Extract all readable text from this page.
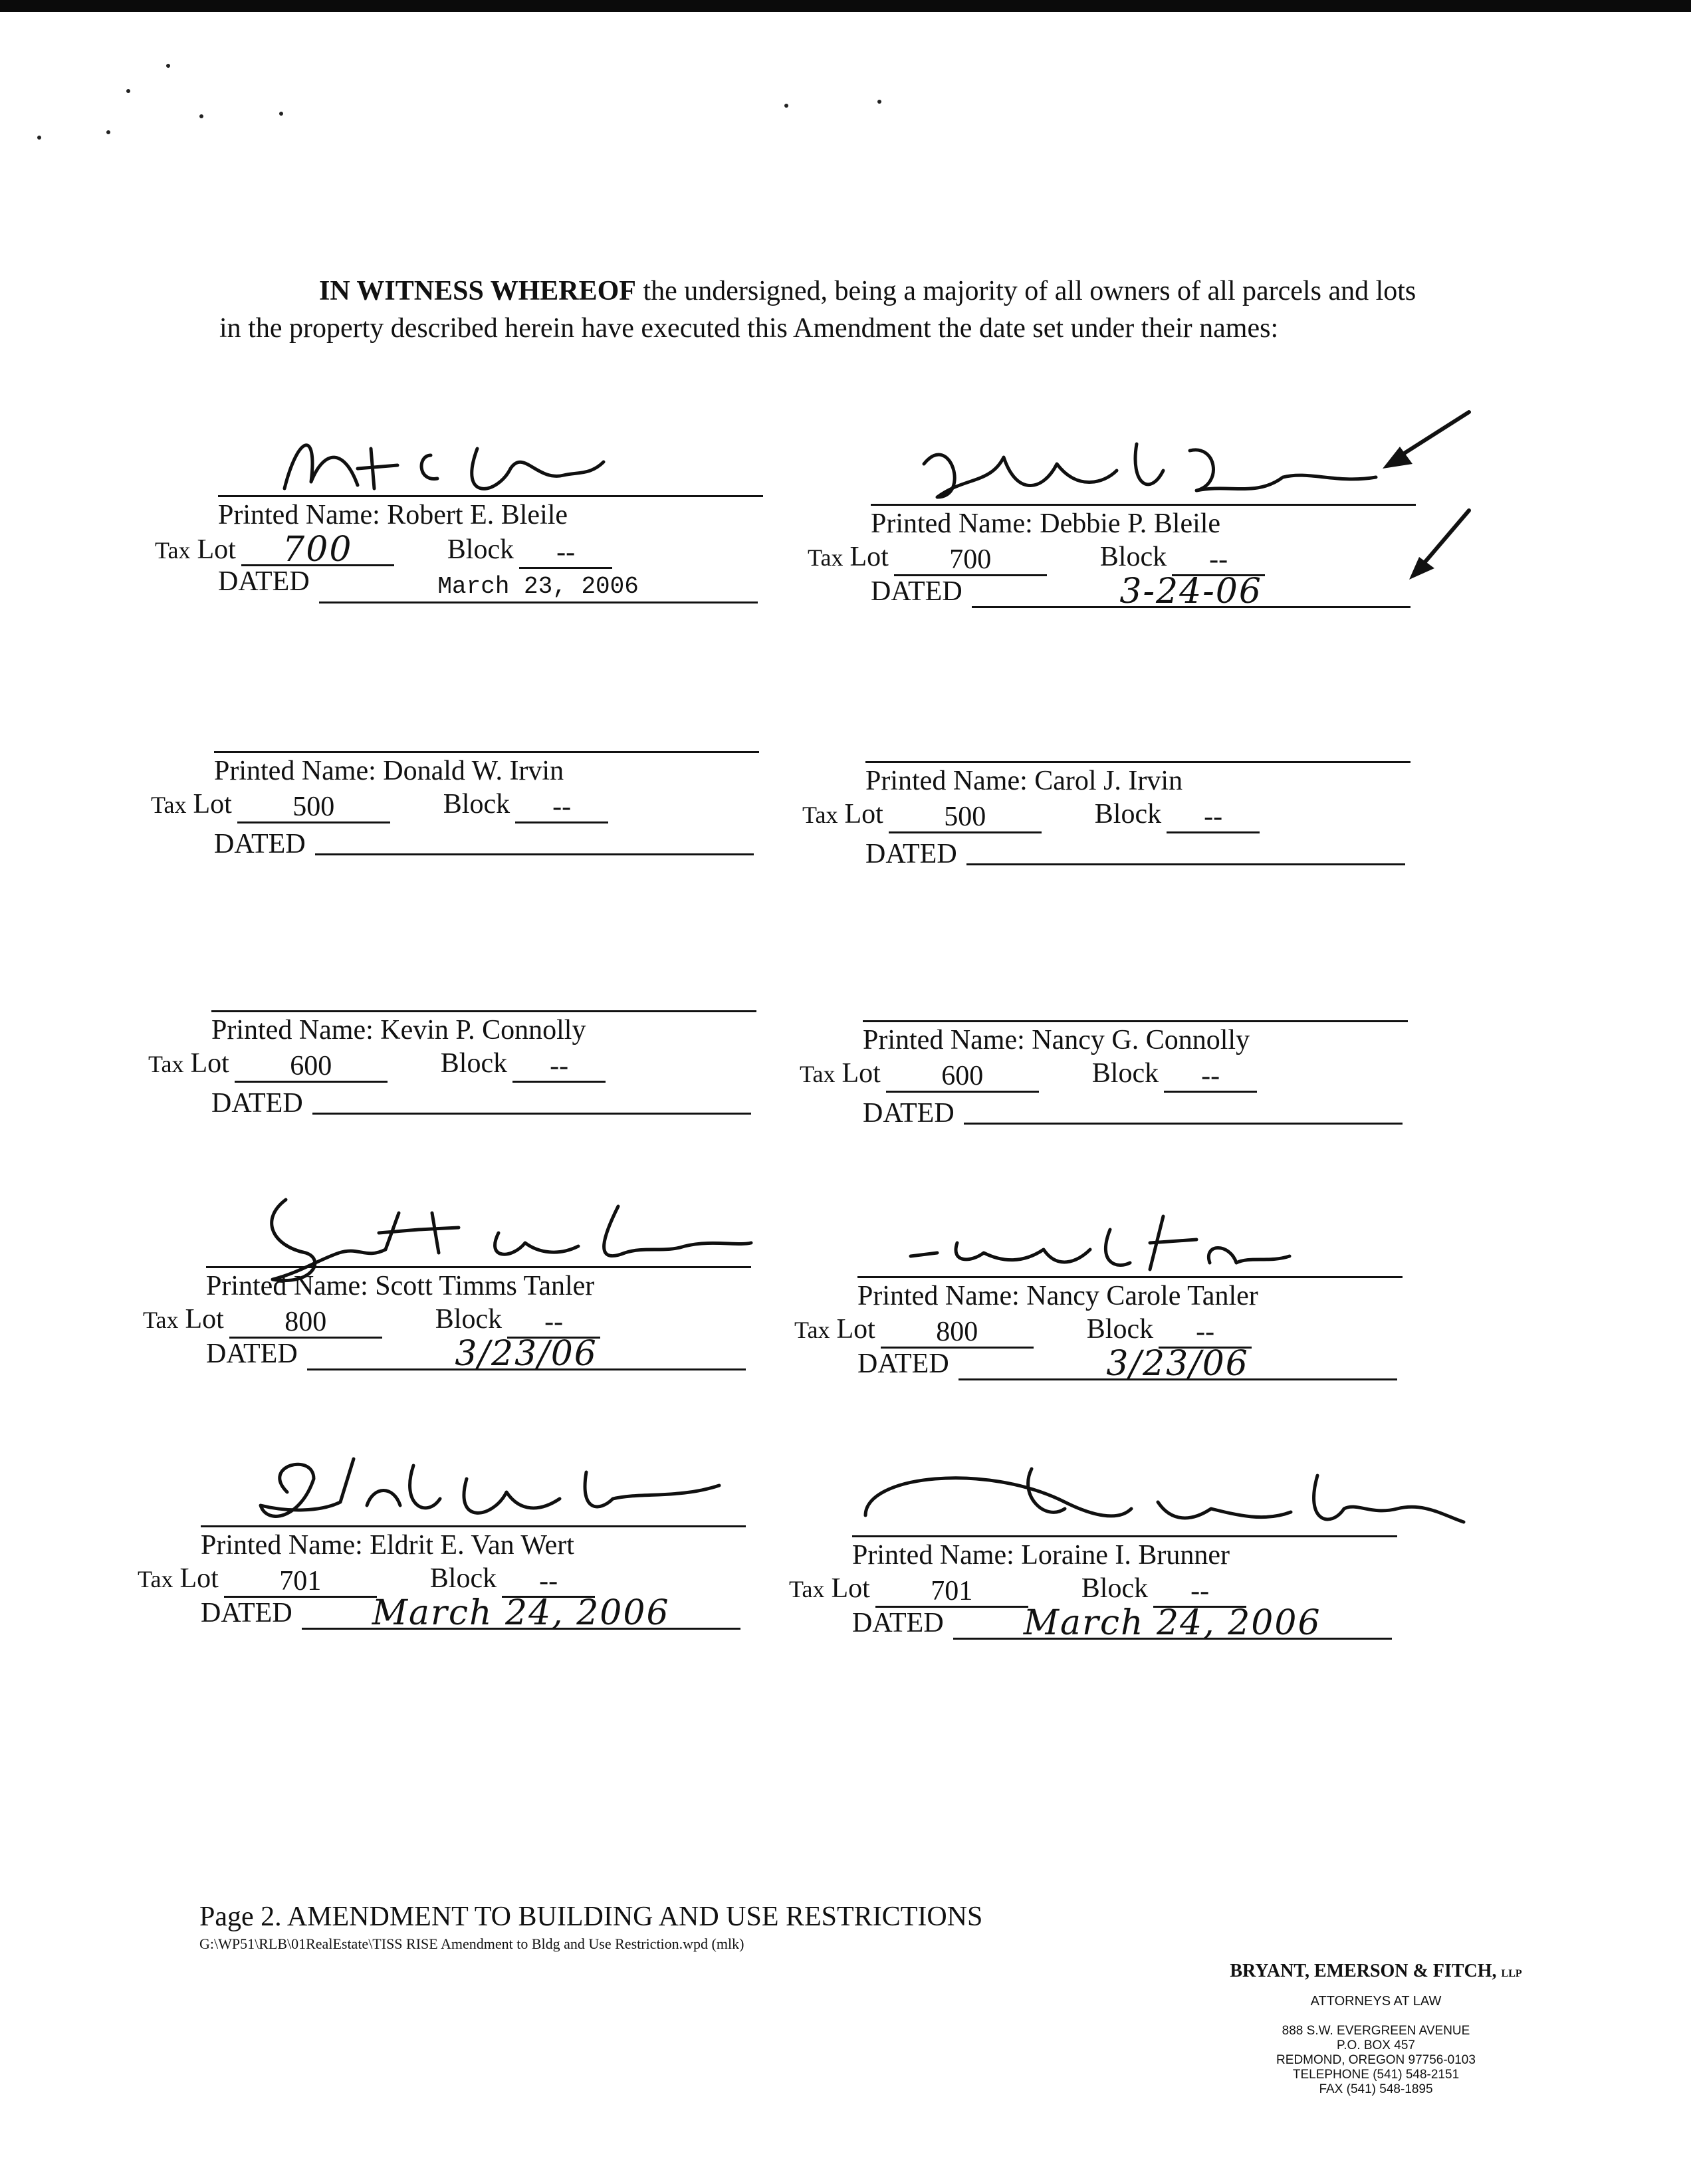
IN WITNESS WHEREOF the undersigned, being a majority of all owners of all parcels and lots in the property described herein have executed this Amendment the date set under their names:
Printed Name: Robert E. Bleile
Tax Lot 700	Block --
DATED	March 23, 2006
Printed Name: Debbie P. Bleile
Tax Lot 700	Block --
DATED	3-24-06
Printed Name: Donald W. Irvin
Tax Lot 500	Block --
DATED
Printed Name: Carol J. Irvin
Tax Lot 500	Block --
DATED
Printed Name: Kevin P. Connolly
Tax Lot 600	Block --
DATED
Printed Name: Nancy G. Connolly
Tax Lot 600	Block --
DATED
Printed Name: Scott Timms Tanler
Tax Lot 800	Block --
DATED	3/23/06
Printed Name: Nancy Carole Tanler
Tax Lot 800	Block --
DATED	3/23/06
Printed Name: Eldrit E. Van Wert
Tax Lot 701	Block --
DATED March 24, 2006
Printed Name: Loraine I. Brunner
Tax Lot 701	Block --
DATED March 24, 2006
Page 2. AMENDMENT TO BUILDING AND USE RESTRICTIONS
G:\WP51\RLB\01RealEstate\TISS RISE Amendment to Bldg and Use Restriction.wpd (mlk)
BRYANT, EMERSON & FITCH, LLP
ATTORNEYS AT LAW
888 S.W. EVERGREEN AVENUE
P.O. BOX 457
REDMOND, OREGON 97756-0103
TELEPHONE (541) 548-2151
FAX (541) 548-1895
